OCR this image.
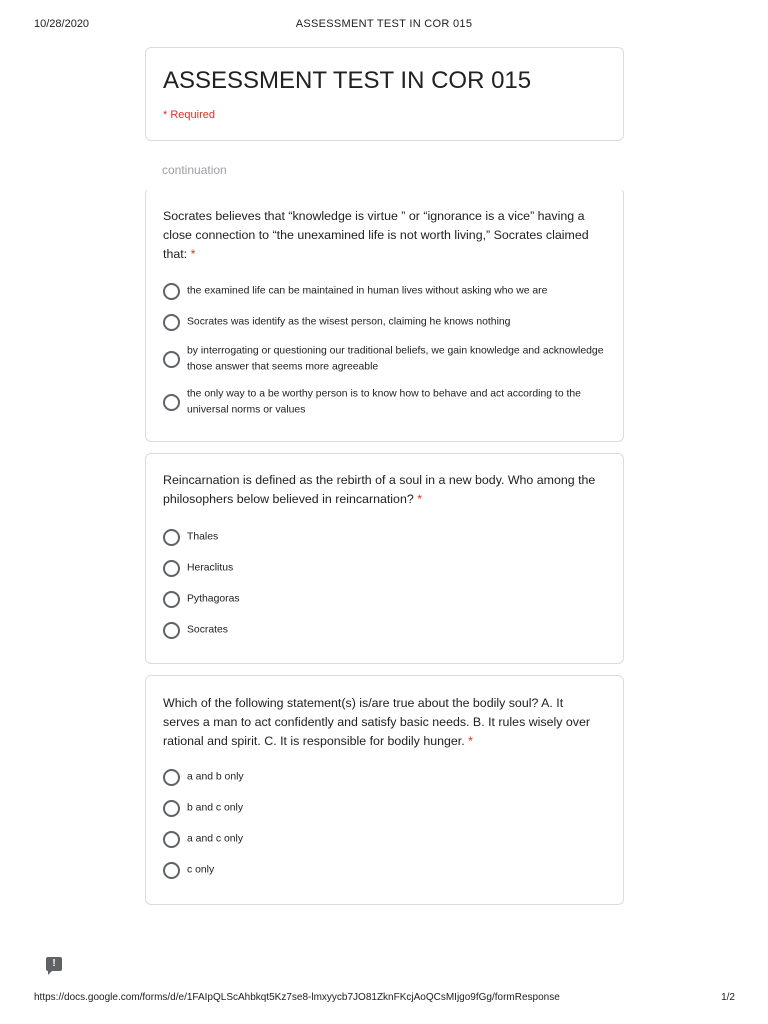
10/28/2020	ASSESSMENT TEST IN COR 015
ASSESSMENT TEST IN COR 015
* Required
continuation
Socrates believes that “knowledge is virtue ” or “ignorance is a vice” having a close connection to “the unexamined life is not worth living,” Socrates claimed that: *
the examined life can be maintained in human lives without asking who we are
Socrates was identify as the wisest person, claiming he knows nothing
by interrogating or questioning our traditional beliefs, we gain knowledge and acknowledge those answer that seems more agreeable
the only way to a be worthy person is to know how to behave and act according to the universal norms or values
Reincarnation is defined as the rebirth of a soul in a new body. Who among the philosophers below believed in reincarnation? *
Thales
Heraclitus
Pythagoras
Socrates
Which of the following statement(s) is/are true about the bodily soul? A. It serves a man to act confidently and satisfy basic needs. B. It rules wisely over rational and spirit. C. It is responsible for bodily hunger. *
a and b only
b and c only
a and c only
c only
!
https://docs.google.com/forms/d/e/1FAIpQLScAhbkqt5Kz7se8-lmxyycb7JO81ZknFKcjAoQCsMIjgo9fGg/formResponse	1/2
